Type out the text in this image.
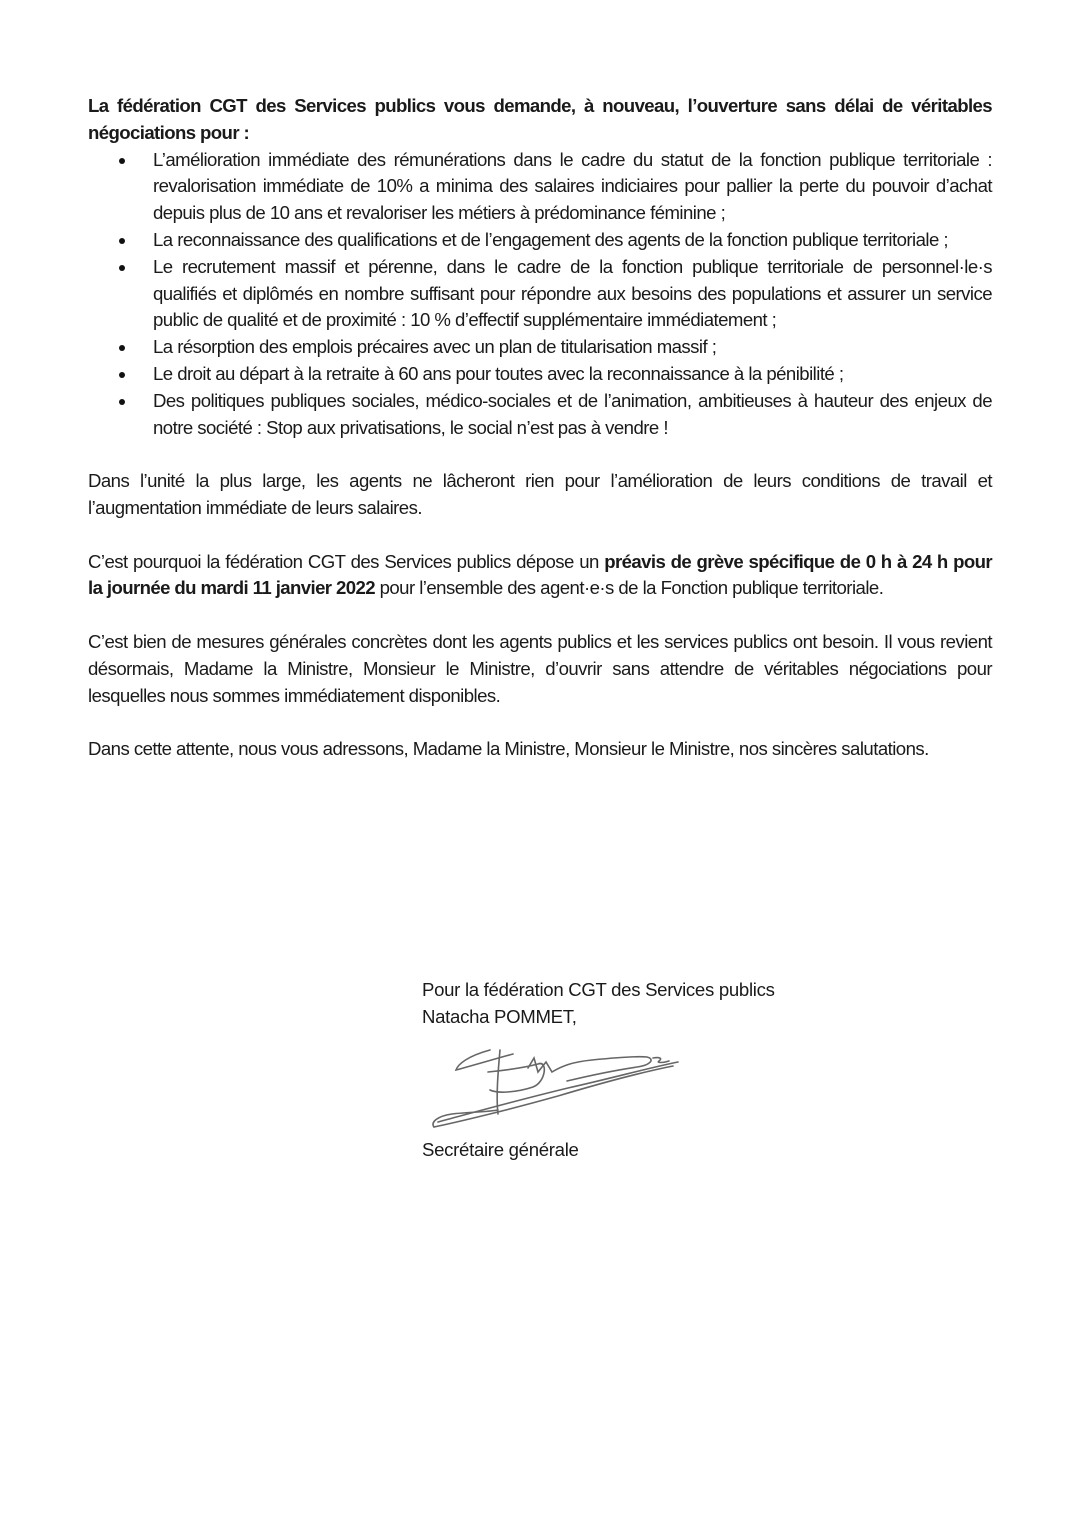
La fédération CGT des Services publics vous demande, à nouveau, l’ouverture sans délai de véritables négociations pour :

L’amélioration immédiate des rémunérations dans le cadre du statut de la fonction publique territoriale : revalorisation immédiate de 10% a minima des salaires indiciaires pour pallier la perte du pouvoir d’achat depuis plus de 10 ans et revaloriser les métiers à prédominance féminine ;
La reconnaissance des qualifications et de l’engagement des agents de la fonction publique territoriale ;
Le recrutement massif et pérenne, dans le cadre de la fonction publique territoriale de personnel·le·s qualifiés et diplômés en nombre suffisant pour répondre aux besoins des populations et assurer un service public de qualité et de proximité : 10 % d’effectif supplémentaire immédiatement ;
La résorption des emplois précaires avec un plan de titularisation massif ;
Le droit au départ à la retraite à 60 ans pour toutes avec la reconnaissance à la pénibilité ;
Des politiques publiques sociales, médico-sociales et de l’animation, ambitieuses à hauteur des enjeux de notre société : Stop aux privatisations, le social n’est pas à vendre !

Dans l’unité la plus large, les agents ne lâcheront rien pour l’amélioration de leurs conditions de travail et l’augmentation immédiate de leurs salaires.

C’est pourquoi la fédération CGT des Services publics dépose un préavis de grève spécifique de 0 h à 24 h pour la journée du mardi 11 janvier 2022 pour l’ensemble des agent·e·s de la Fonction publique territoriale.

C’est bien de mesures générales concrètes dont les agents publics et les services publics ont besoin. Il vous revient désormais, Madame la Ministre, Monsieur le Ministre, d’ouvrir sans attendre de véritables négociations pour lesquelles nous sommes immédiatement disponibles.

Dans cette attente, nous vous adressons, Madame la Ministre, Monsieur le Ministre, nos sincères salutations.

Pour la fédération CGT des Services publics
Natacha POMMET,
Secrétaire générale
